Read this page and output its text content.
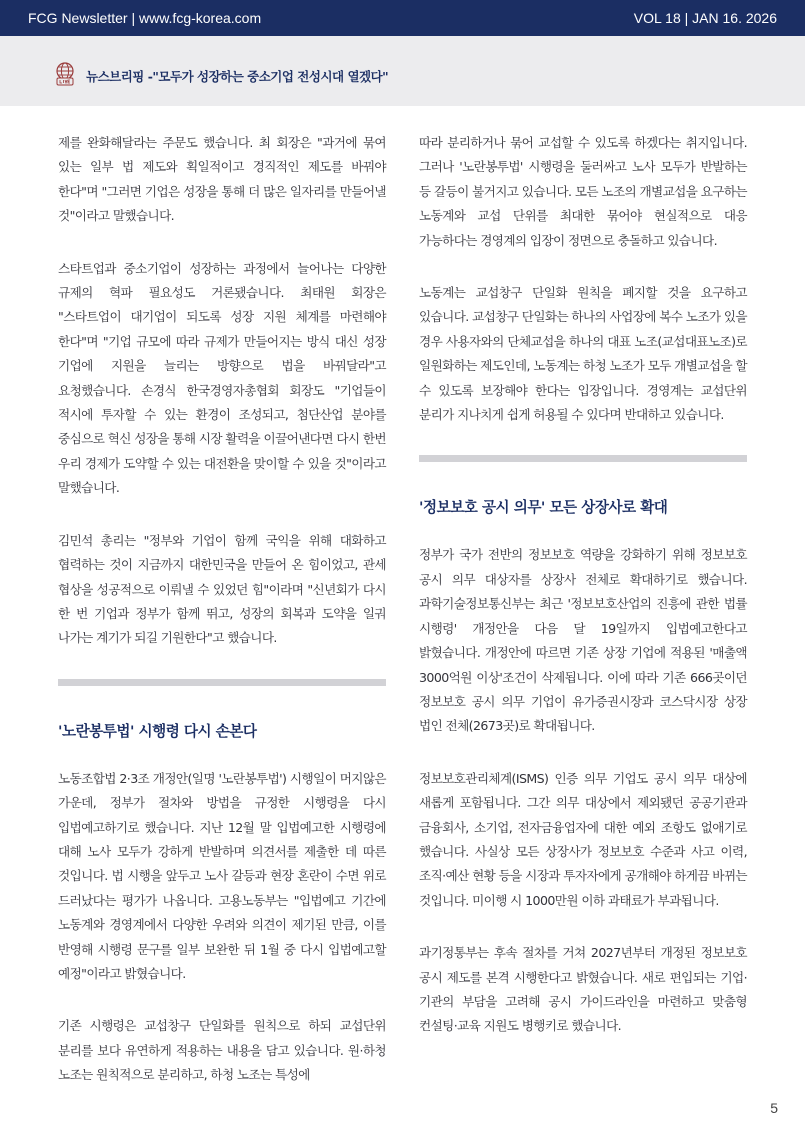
FCG Newsletter | www.fcg-korea.com	VOL 18 | JAN 16. 2026
뉴스브리핑 -"모두가 성장하는 중소기업 전성시대 열겠다"

제를 완화해달라는 주문도 했습니다. 최 회장은 "과거에 묶여 있는 일부 법 제도와 획일적이고 경직적인 제도를 바꿔야 한다"며 "그러면 기업은 성장을 통해 더 많은 일자리를 만들어낼 것"이라고 말했습니다.

스타트업과 중소기업이 성장하는 과정에서 늘어나는 다양한 규제의 혁파 필요성도 거론됐습니다. 최태원 회장은 "스타트업이 대기업이 되도록 성장 지원 체계를 마련해야 한다"며 "기업 규모에 따라 규제가 만들어지는 방식 대신 성장 기업에 지원을 늘리는 방향으로 법을 바꿔달라"고 요청했습니다. 손경식 한국경영자총협회 회장도 "기업들이 적시에 투자할 수 있는 환경이 조성되고, 첨단산업 분야를 중심으로 혁신 성장을 통해 시장 활력을 이끌어낸다면 다시 한번 우리 경제가 도약할 수 있는 대전환을 맞이할 수 있을 것"이라고 말했습니다.

김민석 총리는 "정부와 기업이 함께 국익을 위해 대화하고 협력하는 것이 지금까지 대한민국을 만들어 온 힘이었고, 관세 협상을 성공적으로 이뤄낼 수 있었던 힘"이라며 "신년회가 다시 한 번 기업과 정부가 함께 뛰고, 성장의 회복과 도약을 일궈 나가는 계기가 되길 기원한다"고 했습니다.

'노란봉투법' 시행령 다시 손본다

노동조합법 2·3조 개정안(일명 '노란봉투법') 시행일이 머지않은 가운데, 정부가 절차와 방법을 규정한 시행령을 다시 입법예고하기로 했습니다. 지난 12월 말 입법예고한 시행령에 대해 노사 모두가 강하게 반발하며 의견서를 제출한 데 따른 것입니다. 법 시행을 앞두고 노사 갈등과 현장 혼란이 수면 위로 드러났다는 평가가 나옵니다. 고용노동부는 "입법예고 기간에 노동계와 경영계에서 다양한 우려와 의견이 제기된 만큼, 이를 반영해 시행령 문구를 일부 보완한 뒤 1월 중 다시 입법예고할 예정"이라고 밝혔습니다.

기존 시행령은 교섭창구 단일화를 원칙으로 하되 교섭단위 분리를 보다 유연하게 적용하는 내용을 담고 있습니다. 원·하청 노조는 원칙적으로 분리하고, 하청 노조는 특성에

따라 분리하거나 묶어 교섭할 수 있도록 하겠다는 취지입니다. 그러나 '노란봉투법' 시행령을 둘러싸고 노사 모두가 반발하는 등 갈등이 불거지고 있습니다. 모든 노조의 개별교섭을 요구하는 노동계와 교섭 단위를 최대한 묶어야 현실적으로 대응 가능하다는 경영계의 입장이 정면으로 충돌하고 있습니다.

노동계는 교섭창구 단일화 원칙을 폐지할 것을 요구하고 있습니다. 교섭창구 단일화는 하나의 사업장에 복수 노조가 있을 경우 사용자와의 단체교섭을 하나의 대표 노조(교섭대표노조)로 일원화하는 제도인데, 노동계는 하청 노조가 모두 개별교섭을 할 수 있도록 보장해야 한다는 입장입니다. 경영계는 교섭단위 분리가 지나치게 쉽게 허용될 수 있다며 반대하고 있습니다.

'정보보호 공시 의무' 모든 상장사로 확대

정부가 국가 전반의 정보보호 역량을 강화하기 위해 정보보호 공시 의무 대상자를 상장사 전체로 확대하기로 했습니다. 과학기술정보통신부는 최근 '정보보호산업의 진흥에 관한 법률 시행령' 개정안을 다음 달 19일까지 입법예고한다고 밝혔습니다. 개정안에 따르면 기존 상장 기업에 적용된 '매출액 3000억원 이상'조건이 삭제됩니다. 이에 따라 기존 666곳이던 정보보호 공시 의무 기업이 유가증권시장과 코스닥시장 상장 법인 전체(2673곳)로 확대됩니다.

정보보호관리체계(ISMS) 인증 의무 기업도 공시 의무 대상에 새롭게 포함됩니다. 그간 의무 대상에서 제외됐던 공공기관과 금융회사, 소기업, 전자금융업자에 대한 예외 조항도 없애기로 했습니다. 사실상 모든 상장사가 정보보호 수준과 사고 이력, 조직·예산 현황 등을 시장과 투자자에게 공개해야 하게끔 바뀌는 것입니다. 미이행 시 1000만원 이하 과태료가 부과됩니다.

과기정통부는 후속 절차를 거쳐 2027년부터 개정된 정보보호 공시 제도를 본격 시행한다고 밝혔습니다. 새로 편입되는 기업·기관의 부담을 고려해 공시 가이드라인을 마련하고 맞춤형 컨설팅·교육 지원도 병행키로 했습니다.

5
